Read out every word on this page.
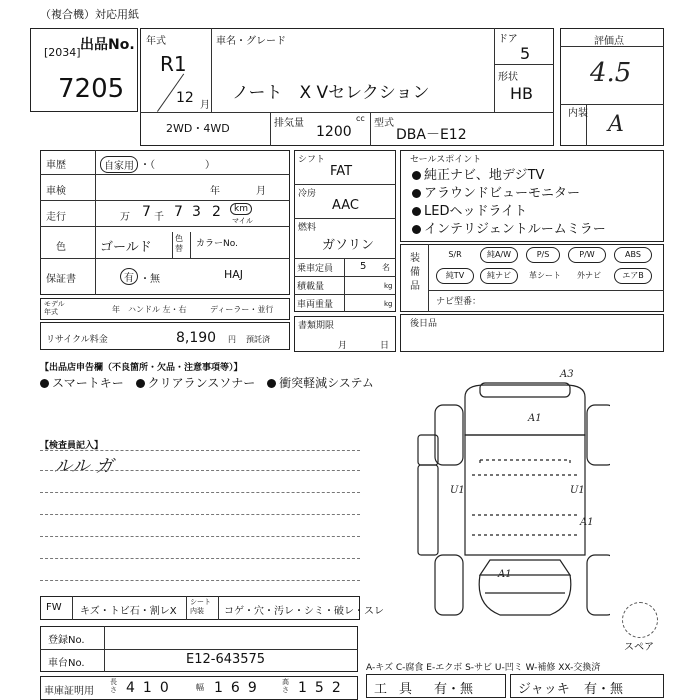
（複合機）対応用紙
出品No.
[2034]
7205
年式
R1
12 月
車名・グレード
ノート　X Vセレクション
ドア
5
形状
HB
2WD・4WD	排気量	cc
1200
型式
DBA－E12
評価点
4.5
内装 A
車歴	自家用 ・（　　　　　）
車検	年	月
走行	万 7 千 7 3 2	km
マイル
色	ゴールド
色替	カラーNo.
HAJ
保証書	有 ・無
モデル年式	年 ハンドル 左・右	ディーラー・並行
リサイクル料金	8,190 円 預託済
シフト
FAT
冷房
AAC
燃料
ガソリン
乗車定員	5 名
積載量	kg
車両重量	kg
書類期限
月	日
セールスポイント
純正ナビ、地デジTV
アラウンドビューモニター
LEDヘッドライト
インテリジェントルームミラー
装備品
S/R	純A/W	P/S	P/W	ABS
純TV	純ナビ	革シート	外ナビ	エアB
ナビ型番：
後日品
【出品店申告欄（不良箇所・欠品・注意事項等）】
スマートキー クリアランスソナー 衝突軽減システム
【検査員記入】
ルル ガ
FW キズ・トビ石・割レX
シート内装	コゲ・穴・汚レ・シミ・破レ・スレ
登録No.
車台No.	E12-643575
車庫証明用
長さ 410 幅 169 高さ 152
A-キズ C-腐食 E-エクボ S-サビ U-凹ミ W-補修 XX-交換済
工具 有・無	ジャッキ 有・無
A3
A1
U1	U1
A1
A1
スペア
